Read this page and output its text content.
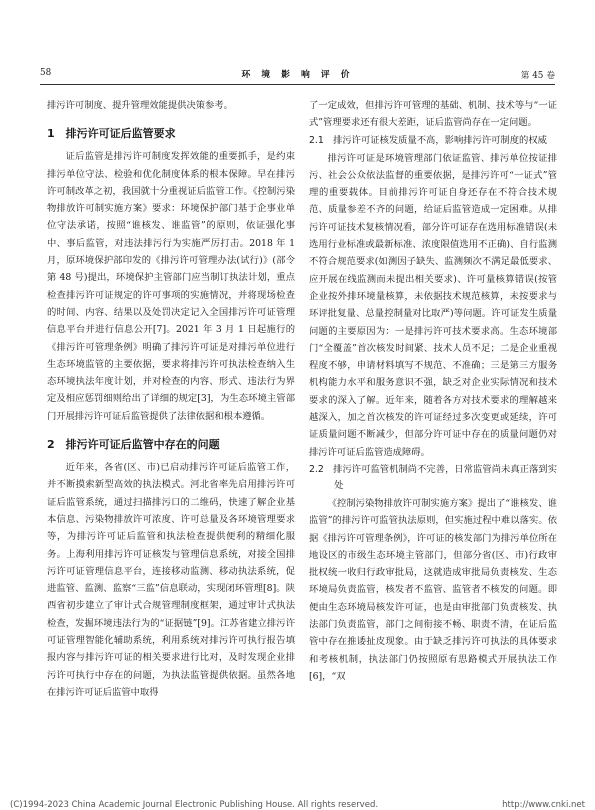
58	环 境 影 响 评 价	第 45 卷

排污许可制度、提升管理效能提供决策参考。

1　排污许可证后监管要求

证后监管是排污许可制度发挥效能的重要抓手，是约束排污单位守法、检验和优化制度体系的根本保障。早在排污许可制改革之初，我国就十分重视证后监管工作。《控制污染物排放许可制实施方案》要求：环境保护部门基于企事业单位守法承诺，按照“谁核发、谁监管”的原则，依证强化事中、事后监管，对违法排污行为实施严厉打击。2018 年 1 月，原环境保护部印发的《排污许可管理办法(试行)》(部令第 48 号)提出，环境保护主管部门应当制订执法计划，重点检查排污许可证规定的许可事项的实施情况，并将现场检查的时间、内容、结果以及处罚决定记入全国排污许可证管理信息平台并进行信息公开[7]。2021 年 3 月 1 日起施行的《排污许可管理条例》明确了排污许可证是对排污单位进行生态环境监管的主要依据，要求将排污许可执法检查纳入生态环境执法年度计划，并对检查的内容、形式、违法行为界定及相应惩罚细则给出了详细的规定[3]，为生态环境主管部门开展排污许可证后监管提供了法律依据和根本遵循。

2　排污许可证后监管中存在的问题

近年来，各省(区、市)已启动排污许可证后监管工作，并不断摸索新型高效的执法模式。河北省率先启用排污许可证后监管系统，通过扫描排污口的二维码，快速了解企业基本信息、污染物排放许可浓度、许可总量及各环境管理要求等，为排污许可证后监管和执法检查提供便利的精细化服务。上海利用排污许可证核发与管理信息系统，对接全国排污许可证管理信息平台，连接移动监测、移动执法系统，促进监管、监测、监察“三监”信息联动，实现闭环管理[8]。陕西省初步建立了审计式合规管理制度框架，通过审计式执法检查，发掘环境违法行为的“证据链”[9]。江苏省建立排污许可证管理智能化辅助系统，利用系统对排污许可执行报告填报内容与排污许可证的相关要求进行比对，及时发现企业排污许可执行中存在的问题，为执法监管提供依据。虽然各地在排污许可证后监管中取得

了一定成效，但排污许可管理的基础、机制、技术等与“一证式”管理要求还有很大差距，证后监管尚存在一定问题。

2.1　排污许可证核发质量不高，影响排污许可制度的权威

排污许可证是环境管理部门依证监管、排污单位按证排污、社会公众依法监督的重要依据，是排污许可“一证式”管理的重要载体。目前排污许可证自身还存在不符合技术规范、质量参差不齐的问题，给证后监管造成一定困难。从排污许可证技术复核情况看，部分许可证存在选用标准错误(未选用行业标准或最新标准、浓度限值选用不正确)、自行监测不符合规范要求(如测因子缺失、监测频次不满足最低要求、应开展在线监测而未提出相关要求)、许可量核算错误(按管企业按外排环境量核算，未依据技术规范核算，未按要求与环评批复量、总量控制量对比取严)等问题。许可证发生质量问题的主要原因为：一是排污许可技术要求高。生态环境部门“全覆盖”首次核发时间紧、技术人员不足；二是企业重视程度不够，申请材料填写不规范、不准确；三是第三方服务机构能力水平和服务意识不强，缺乏对企业实际情况和技术要求的深入了解。近年来，随着各方对技术要求的理解越来越深入，加之首次核发的许可证经过多次变更或延续，许可证质量问题不断减少，但部分许可证中存在的质量问题仍对排污许可证后监管造成障碍。

2.2　排污许可监管机制尚不完善，日常监管尚未真正落到实处

《控制污染物排放许可制实施方案》提出了“谁核发、谁监管”的排污许可监管执法原则，但实施过程中难以落实。依据《排污许可管理条例》，许可证的核发部门为排污单位所在地设区的市级生态环境主管部门，但部分省(区、市)行政审批权统一收归行政审批局，这就造成审批局负责核发、生态环境局负责监管，核发者不监管、监管者不核发的问题。即便由生态环境局核发许可证，也是由审批部门负责核发、执法部门负责监管，部门之间衔接不畅、职责不清，在证后监管中存在推诿扯皮现象。由于缺乏排污许可执法的具体要求和考核机制，执法部门仍按照原有思路模式开展执法工作[6]，“双

(C)1994-2023 China Academic Journal Electronic Publishing House. All rights reserved.	http://www.cnki.net
